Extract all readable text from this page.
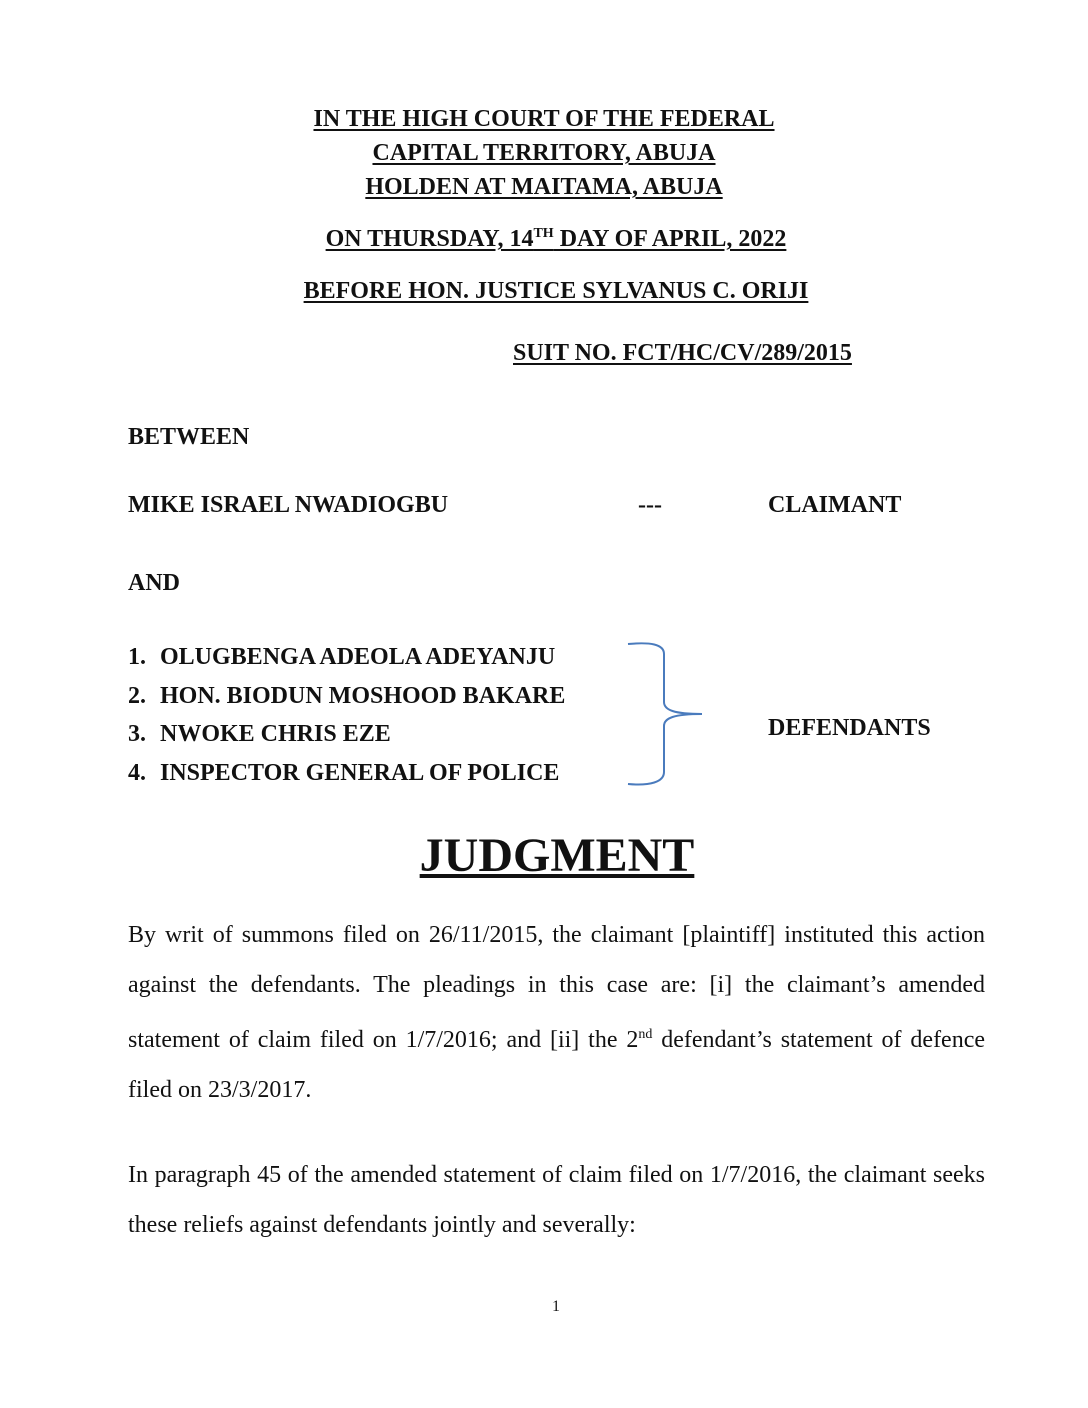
IN THE HIGH COURT OF THE FEDERAL
CAPITAL TERRITORY, ABUJA
HOLDEN AT MAITAMA, ABUJA
ON THURSDAY, 14TH DAY OF APRIL, 2022
BEFORE HON. JUSTICE SYLVANUS C. ORIJI
SUIT NO. FCT/HC/CV/289/2015
BETWEEN
MIKE ISRAEL NWADIOGBU	---	CLAIMANT
AND
1. OLUGBENGA ADEOLA ADEYANJU
2. HON. BIODUN MOSHOOD BAKARE
3. NWOKE CHRIS EZE
4. INSPECTOR GENERAL OF POLICE
DEFENDANTS
JUDGMENT

By writ of summons filed on 26/11/2015, the claimant [plaintiff] instituted this action against the defendants. The pleadings in this case are: [i] the claimant’s amended statement of claim filed on 1/7/2016; and [ii] the 2nd defendant’s statement of defence filed on 23/3/2017.

In paragraph 45 of the amended statement of claim filed on 1/7/2016, the claimant seeks these reliefs against defendants jointly and severally:

1
